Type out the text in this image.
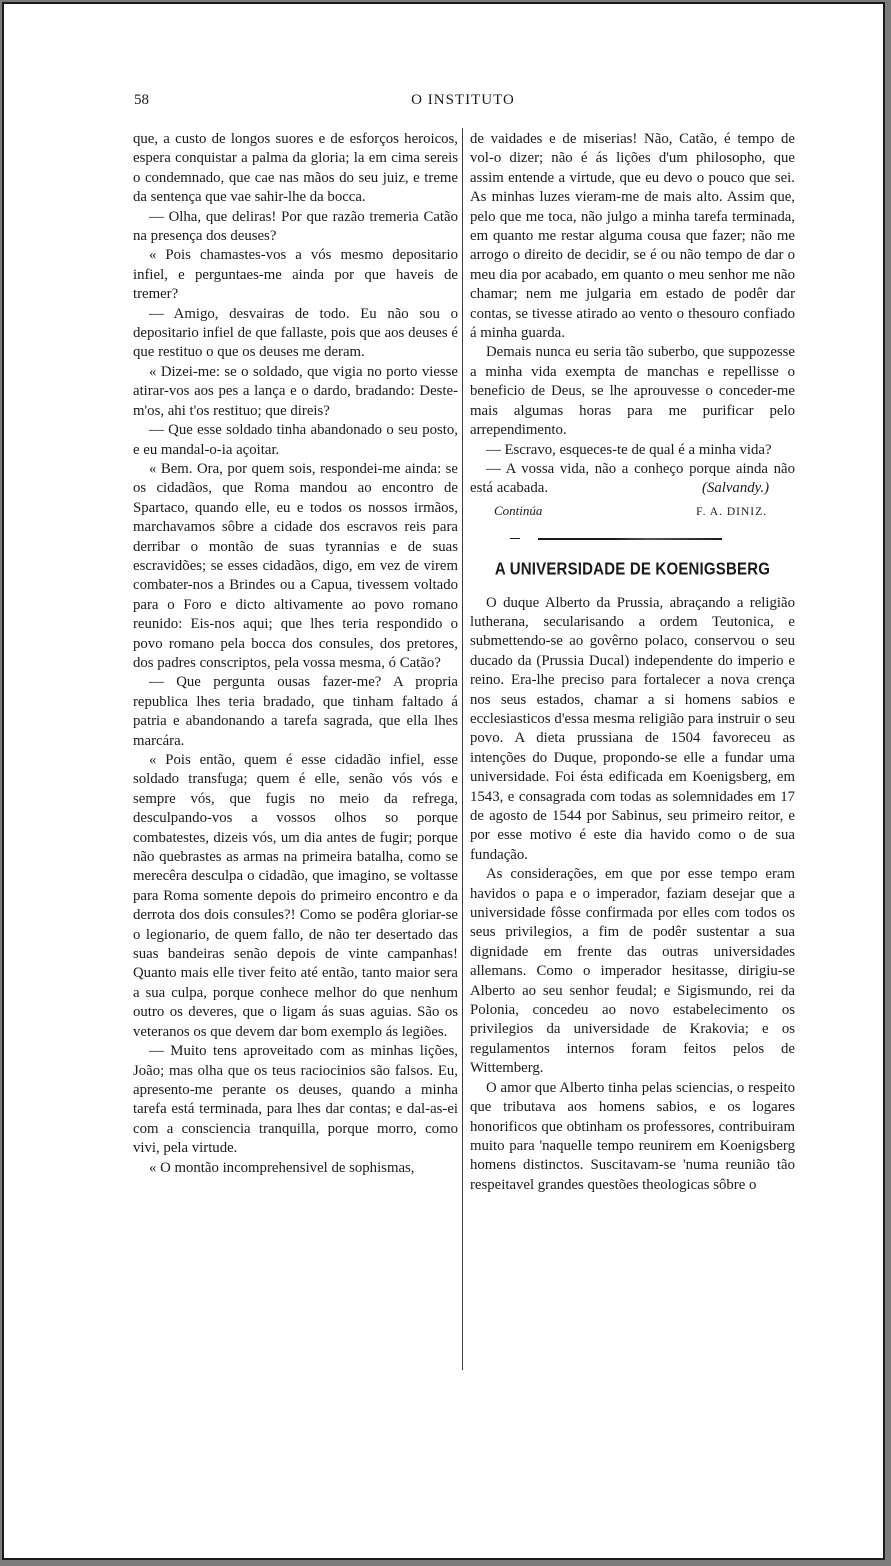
58	O INSTITUTO

que, a custo de longos suores e de esforços heroicos, espera conquistar a palma da gloria; la em cima sereis o condemnado, que cae nas mãos do seu juiz, e treme da sentença que vae sahir-lhe da bocca.

— Olha, que deliras! Por que razão tremeria Catão na presença dos deuses?

« Pois chamastes-vos a vós mesmo depositario infiel, e perguntaes-me ainda por que haveis de tremer?

— Amigo, desvairas de todo. Eu não sou o depositario infiel de que fallaste, pois que aos deuses é que restituo o que os deuses me deram.

« Dizei-me: se o soldado, que vigia no porto viesse atirar-vos aos pes a lança e o dardo, bradando: Deste-m'os, ahi t'os restituo; que direis?

— Que esse soldado tinha abandonado o seu posto, e eu mandal-o-ia açoitar.

« Bem. Ora, por quem sois, respondei-me ainda: se os cidadãos, que Roma mandou ao encontro de Spartaco, quando elle, eu e todos os nossos irmãos, marchavamos sôbre a cidade dos escravos reis para derribar o montão de suas tyrannias e de suas escravidões; se esses cidadãos, digo, em vez de virem combater-nos a Brindes ou a Capua, tivessem voltado para o Foro e dicto altivamente ao povo romano reunido: Eis-nos aqui; que lhes teria respondido o povo romano pela bocca dos consules, dos pretores, dos padres conscriptos, pela vossa mesma, ó Catão?

— Que pergunta ousas fazer-me? A propria republica lhes teria bradado, que tinham faltado á patria e abandonando a tarefa sagrada, que ella lhes marcára.

« Pois então, quem é esse cidadão infiel, esse soldado transfuga; quem é elle, senão vós vós e sempre vós, que fugis no meio da refrega, desculpando-vos a vossos olhos so porque combatestes, dizeis vós, um dia antes de fugir; porque não quebrastes as armas na primeira batalha, como se merecêra desculpa o cidadão, que imagino, se voltasse para Roma somente depois do primeiro encontro e da derrota dos dois consules?! Como se podêra gloriar-se o legionario, de quem fallo, de não ter desertado das suas bandeiras senão depois de vinte campanhas! Quanto mais elle tiver feito até então, tanto maior sera a sua culpa, porque conhece melhor do que nenhum outro os deveres, que o ligam ás suas aguias. São os veteranos os que devem dar bom exemplo ás legiões.

— Muito tens aproveitado com as minhas lições, João; mas olha que os teus raciocinios são falsos. Eu, apresento-me perante os deuses, quando a minha tarefa está terminada, para lhes dar contas; e dal-as-ei com a consciencia tranquilla, porque morro, como vivi, pela virtude.

« O montão incomprehensivel de sophismas,

de vaidades e de miserias! Não, Catão, é tempo de vol-o dizer; não é ás lições d'um philosopho, que assim entende a virtude, que eu devo o pouco que sei. As minhas luzes vieram-me de mais alto. Assim que, pelo que me toca, não julgo a minha tarefa terminada, em quanto me restar alguma cousa que fazer; não me arrogo o direito de decidir, se é ou não tempo de dar o meu dia por acabado, em quanto o meu senhor me não chamar; nem me julgaria em estado de podêr dar contas, se tivesse atirado ao vento o thesouro confiado á minha guarda.

Demais nunca eu seria tão suberbo, que suppozesse a minha vida exempta de manchas e repellisse o beneficio de Deus, se lhe aprouvesse o conceder-me mais algumas horas para me purificar pelo arrependimento.

— Escravo, esqueces-te de qual é a minha vida?

— A vossa vida, não a conheço porque ainda não está acabada.	(Salvandy.)

Continúa	F. A. DINIZ.
A UNIVERSIDADE DE KOENIGSBERG

O duque Alberto da Prussia, abraçando a religião lutherana, secularisando a ordem Teutonica, e submettendo-se ao govêrno polaco, conservou o seu ducado da (Prussia Ducal) independente do imperio e reino. Era-lhe preciso para fortalecer a nova crença nos seus estados, chamar a si homens sabios e ecclesiasticos d'essa mesma religião para instruir o seu povo. A dieta prussiana de 1504 favoreceu as intenções do Duque, propondo-se elle a fundar uma universidade. Foi ésta edificada em Koenigsberg, em 1543, e consagrada com todas as solemnidades em 17 de agosto de 1544 por Sabinus, seu primeiro reitor, e por esse motivo é este dia havido como o de sua fundação.

As considerações, em que por esse tempo eram havidos o papa e o imperador, faziam desejar que a universidade fôsse confirmada por elles com todos os seus privilegios, a fim de podêr sustentar a sua dignidade em frente das outras universidades allemans. Como o imperador hesitasse, dirigiu-se Alberto ao seu senhor feudal; e Sigismundo, rei da Polonia, concedeu ao novo estabelecimento os privilegios da universidade de Krakovia; e os regulamentos internos foram feitos pelos de Wittemberg.

O amor que Alberto tinha pelas sciencias, o respeito que tributava aos homens sabios, e os logares honorificos que obtinham os professores, contribuiram muito para 'naquelle tempo reunirem em Koenigsberg homens distinctos. Suscitavam-se 'numa reunião tão respeitavel grandes questões theologicas sôbre o
